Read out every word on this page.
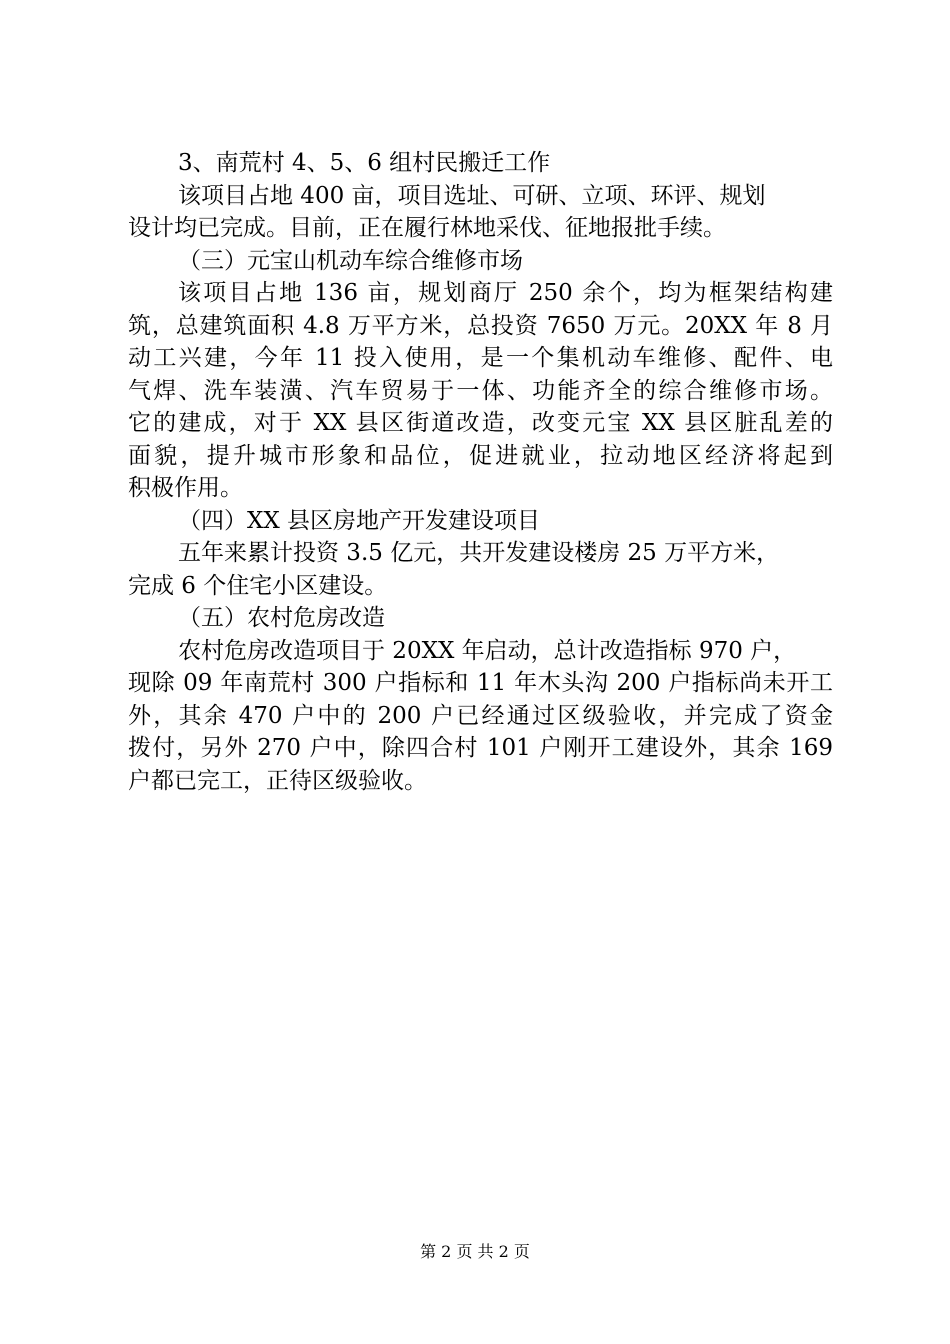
3、南荒村 4、5、6 组村民搬迁工作
该项目占地 400 亩，项目选址、可研、立项、环评、规划
设计均已完成。目前，正在履行林地采伐、征地报批手续。
（三）元宝山机动车综合维修市场
该项目占地 136 亩，规划商厅 250 余个，均为框架结构建
筑，总建筑面积 4.8 万平方米，总投资 7650 万元。20XX 年 8 月
动工兴建，今年 11 投入使用，是一个集机动车维修、配件、电
气焊、洗车装潢、汽车贸易于一体、功能齐全的综合维修市场。
它的建成，对于 XX 县区街道改造，改变元宝 XX 县区脏乱差的
面貌，提升城市形象和品位，促进就业，拉动地区经济将起到
积极作用。
（四）XX 县区房地产开发建设项目
五年来累计投资 3.5 亿元，共开发建设楼房 25 万平方米，
完成 6 个住宅小区建设。
（五）农村危房改造
农村危房改造项目于 20XX 年启动，总计改造指标 970 户，
现除 09 年南荒村 300 户指标和 11 年木头沟 200 户指标尚未开工
外，其余 470 户中的 200 户已经通过区级验收，并完成了资金
拨付，另外 270 户中，除四合村 101 户刚开工建设外，其余 169
户都已完工，正待区级验收。
第 2 页 共 2 页
